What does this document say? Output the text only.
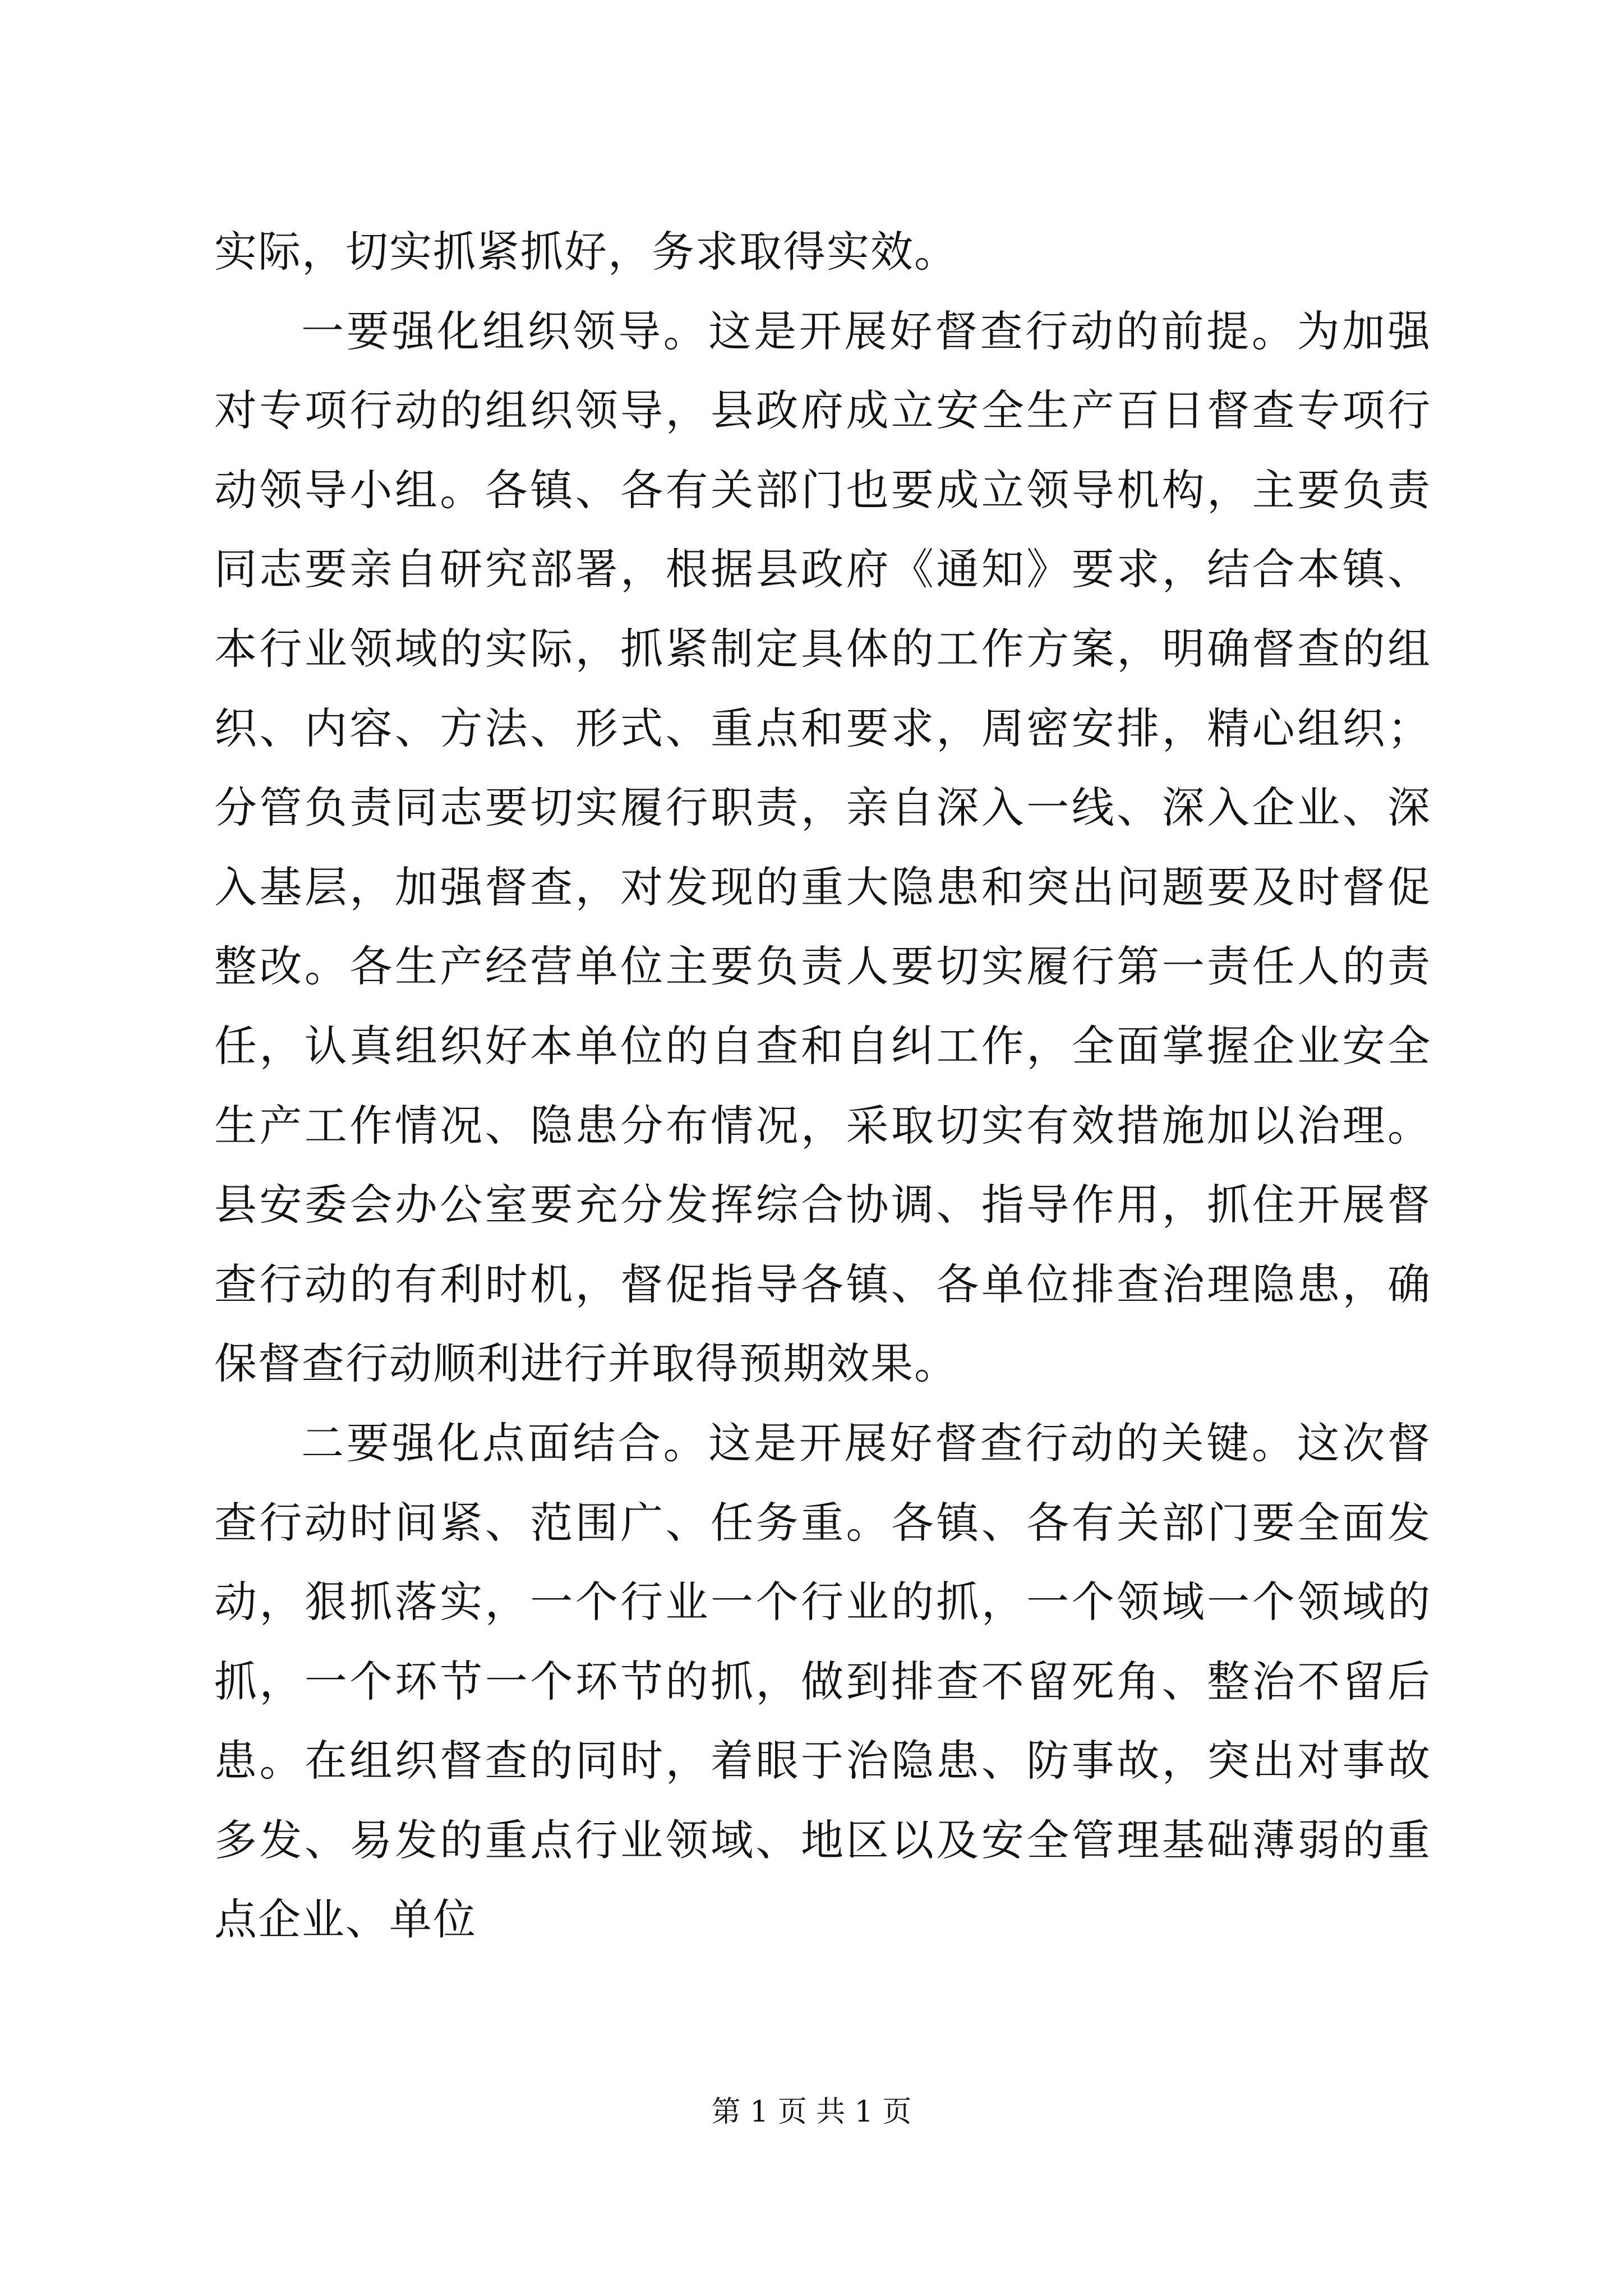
实际，切实抓紧抓好，务求取得实效。

一要强化组织领导。这是开展好督查行动的前提。为加强对专项行动的组织领导，县政府成立安全生产百日督查专项行动领导小组。各镇、各有关部门也要成立领导机构，主要负责同志要亲自研究部署，根据县政府《通知》要求，结合本镇、本行业领域的实际，抓紧制定具体的工作方案，明确督查的组织、内容、方法、形式、重点和要求，周密安排，精心组织；分管负责同志要切实履行职责，亲自深入一线、深入企业、深入基层，加强督查，对发现的重大隐患和突出问题要及时督促整改。各生产经营单位主要负责人要切实履行第一责任人的责任，认真组织好本单位的自查和自纠工作，全面掌握企业安全生产工作情况、隐患分布情况，采取切实有效措施加以治理。县安委会办公室要充分发挥综合协调、指导作用，抓住开展督查行动的有利时机，督促指导各镇、各单位排查治理隐患，确保督查行动顺利进行并取得预期效果。

二要强化点面结合。这是开展好督查行动的关键。这次督查行动时间紧、范围广、任务重。各镇、各有关部门要全面发动，狠抓落实，一个行业一个行业的抓，一个领域一个领域的抓，一个环节一个环节的抓，做到排查不留死角、整治不留后患。在组织督查的同时，着眼于治隐患、防事故，突出对事故多发、易发的重点行业领域、地区以及安全管理基础薄弱的重点企业、单位

第 1 页 共 1 页
